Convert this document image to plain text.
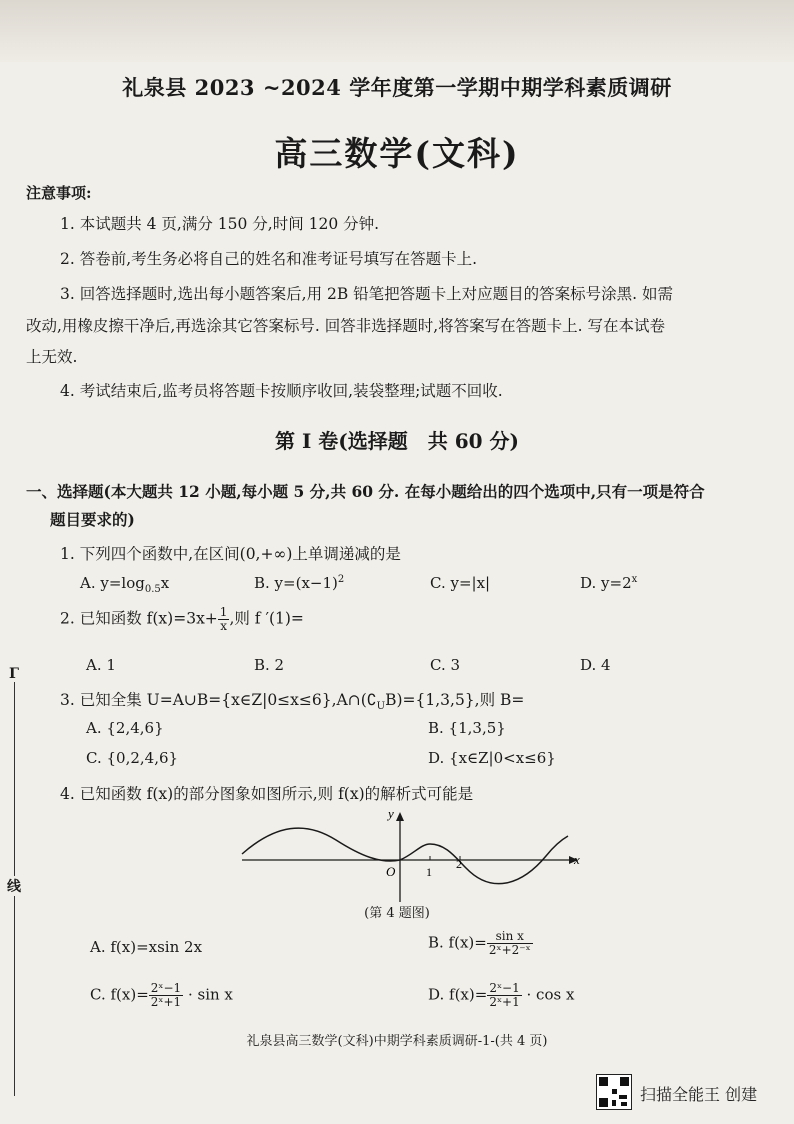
礼泉县 2023 ~2024 学年度第一学期中期学科素质调研
高三数学(文科)
注意事项:
1. 本试题共 4 页,满分 150 分,时间 120 分钟.
2. 答卷前,考生务必将自己的姓名和准考证号填写在答题卡上.
3. 回答选择题时,选出每小题答案后,用 2B 铅笔把答题卡上对应题目的答案标号涂黑. 如需
改动,用橡皮擦干净后,再选涂其它答案标号. 回答非选择题时,将答案写在答题卡上. 写在本试卷
上无效.
4. 考试结束后,监考员将答题卡按顺序收回,装袋整理;试题不回收.
第 I 卷(选择题　共 60 分)
一、选择题(本大题共 12 小题,每小题 5 分,共 60 分. 在每小题给出的四个选项中,只有一项是符合
题目要求的)
1. 下列四个函数中,在区间(0,+∞)上单调递减的是
A. $y=\log_{0.5}x$	B. $y=(x-1)^2$	C. y=|x|	D. $y=2^x$
2. 已知函数 $f(x)=3x+ \frac{1}{x}$ ,则 f ′(1)=
A. 1	B. 2	C. 3	D. 4
3. 已知全集 $U=A\cup B=\{x\in Z|0\le x\le 6\},A\cap(∁_UB)=\{1,3,5\}$,则 B=
A. {2,4,6}	B. {1,3,5}
C. {0,2,4,6}	D. {x∈Z|0<x≤6}
4. 已知函数 f(x)的部分图象如图所示,则 f(x)的解析式可能是
y
x
O	1
2
(第 4 题图)
A. f(x)=xsin 2x	B. $f(x)= \frac{\text{sin x}}{\text{2ˣ+2⁻ˣ}}$
C. $f(x)= \frac{\text{2ˣ−1}}{\text{2ˣ+1}} \cdot \sin x$	D. $f(x)= \frac{\text{2ˣ−1}}{\text{2ˣ+1}} \cdot \cos x$
Γ
线
礼泉县高三数学(文科)中期学科素质调研-1-(共 4 页)
扫描全能王 创建
